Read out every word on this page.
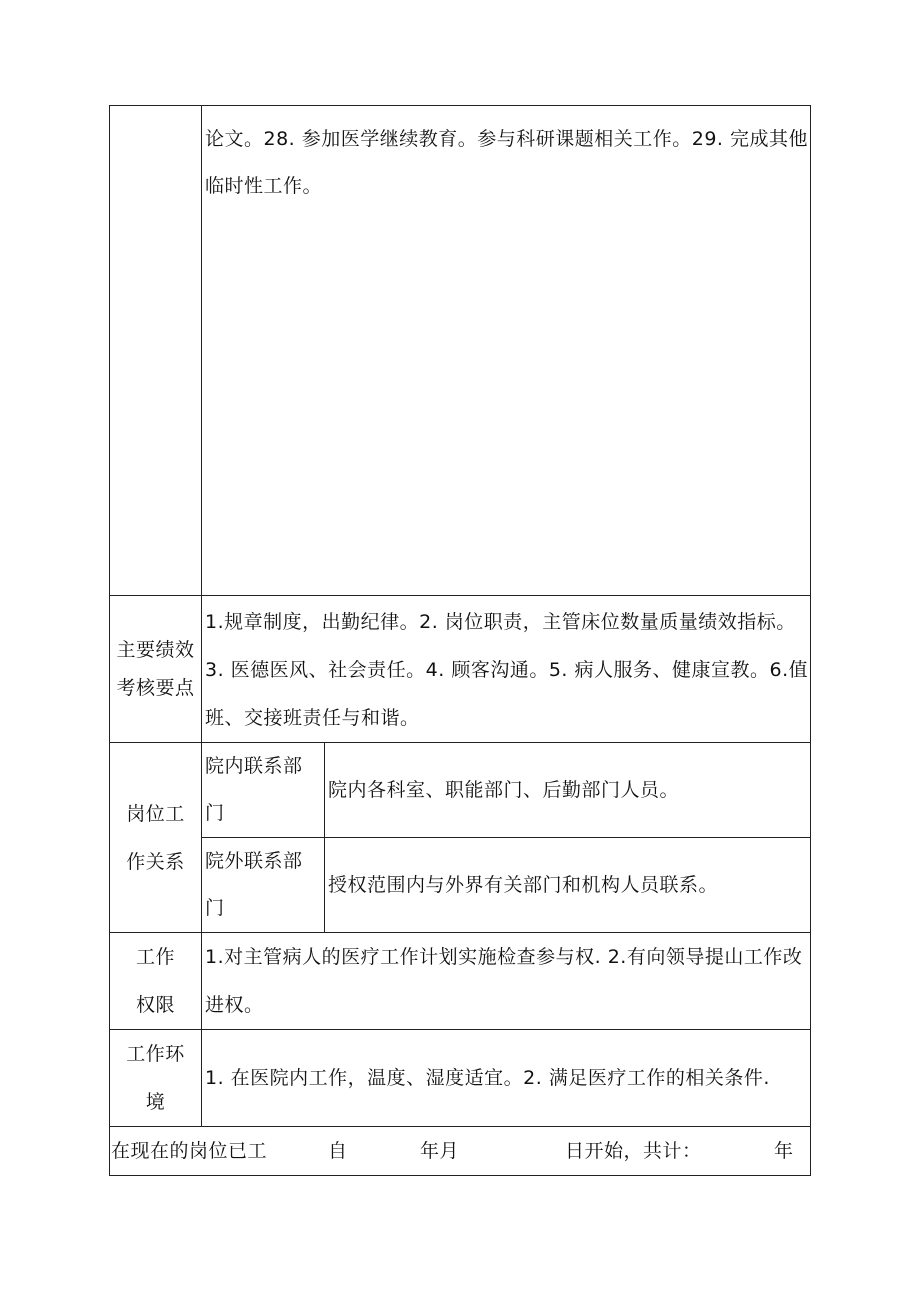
	论文。28. 参加医学继续教育。参与科研课题相关工作。29. 完成其他临时性工作。	
主要绩效考核要点	1.规章制度，出勤纪律。2. 岗位职责，主管床位数量质量绩效指标。3. 医德医风、社会责任。4. 顾客沟通。5. 病人服务、健康宣教。6.值班、交接班责任与和谐。	
岗位工作关系	院内联系部门	院内各科室、职能部门、后勤部门人员。
	院外联系部门	授权范围内与外界有关部门和机构人员联系。
工作权限	1.对主管病人的医疗工作计划实施检查参与权. 2.有向领导提山工作改进权。	
工作环境	1. 在医院内工作，温度、湿度适宜。2. 满足医疗工作的相关条件.	

在现在的岗位已工 自 年月 日开始，共计： 年		
